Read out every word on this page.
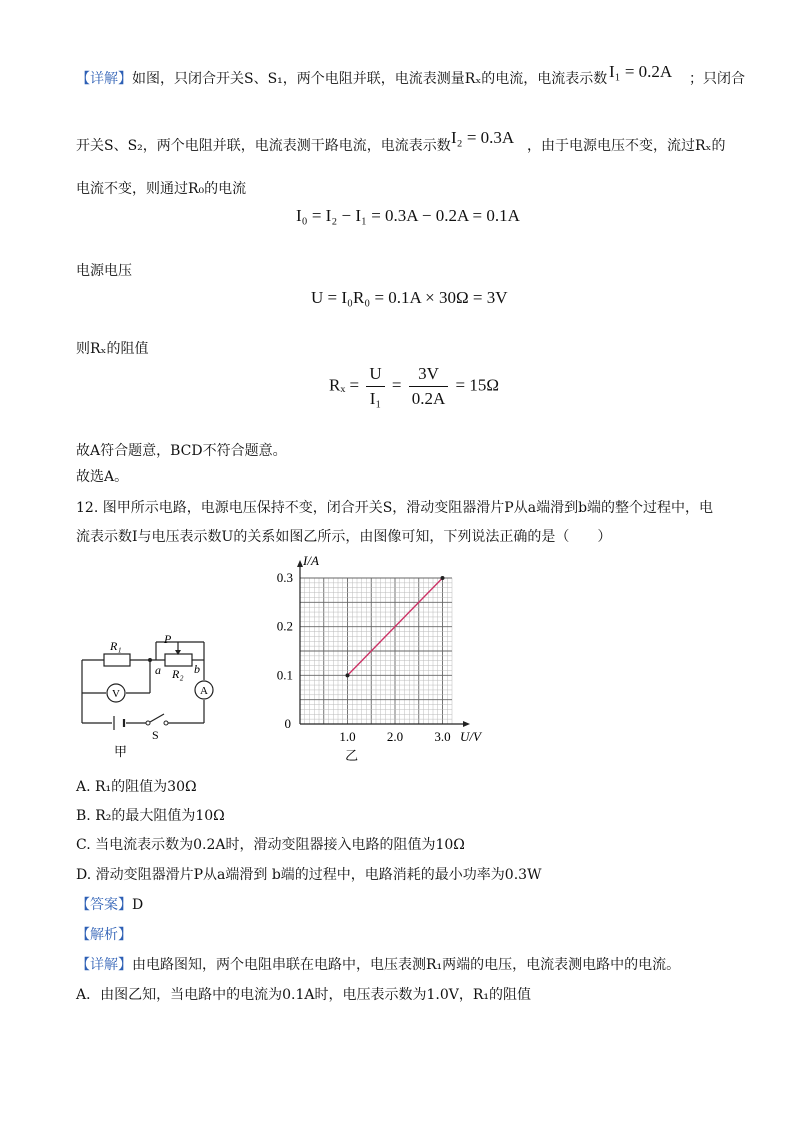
【详解】如图，只闭合开关S、S₁，两个电阻并联，电流表测量Rₓ的电流，电流表示数 I₁ = 0.2A ；只闭合
开关S、S₂，两个电阻并联，电流表测干路电流，电流表示数 I₂ = 0.3A ，由于电源电压不变，流过Rₓ的
电流不变，则通过R₀的电流
I₀ = I₂ − I₁ = 0.3A − 0.2A = 0.1A
电源电压
U = I₀R₀ = 0.1A × 30Ω = 3V
则Rₓ的阻值
$R_x = \frac{U}{\text{I₁}} = \frac{3V}{0.2A} = 15\Omega$
故A符合题意，BCD不符合题意。
故选A。
12. 图甲所示电路，电源电压保持不变，闭合开关S，滑动变阻器滑片P从a端滑到b端的整个过程中，电
流表示数I与电压表示数U的关系如图乙所示，由图像可知，下列说法正确的是（　　）
R₁
R₂
P
a	b
V	A
S
甲
1.0 2.0 3.0
0.1
0.2
0.3
0
U/V
I/A
乙
A. R₁的阻值为30Ω
B. R₂的最大阻值为10Ω
C. 当电流表示数为0.2A时，滑动变阻器接入电路的阻值为10Ω
D. 滑动变阻器滑片P从a端滑到 b端的过程中，电路消耗的最小功率为0.3W
【答案】D
【解析】
【详解】由电路图知，两个电阻串联在电路中，电压表测R₁两端的电压，电流表测电路中的电流。
A．由图乙知，当电路中的电流为0.1A时，电压表示数为1.0V，R₁的阻值
